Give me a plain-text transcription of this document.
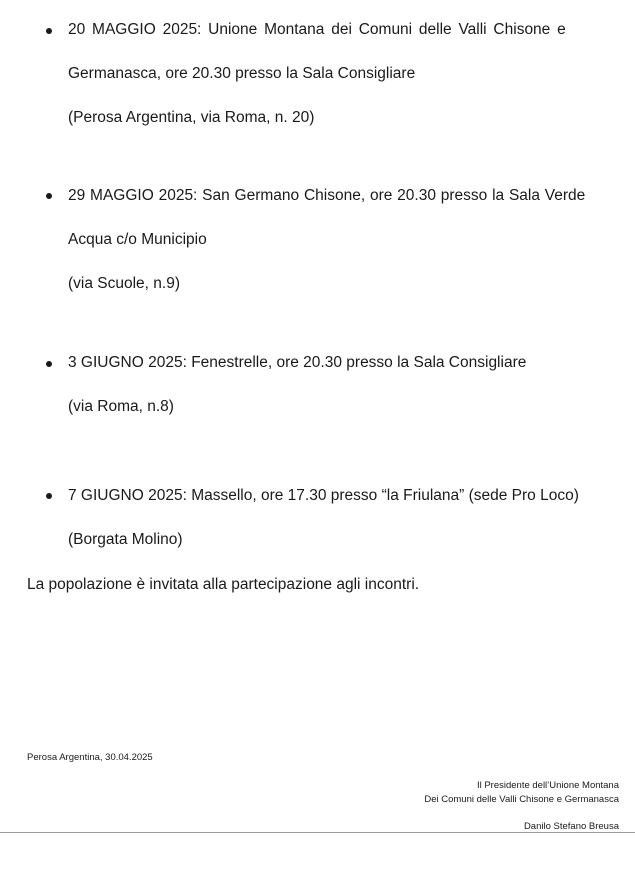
20 MAGGIO 2025: Unione Montana dei Comuni delle Valli Chisone e
Germanasca, ore 20.30 presso la Sala Consigliare
(Perosa Argentina, via Roma, n. 20)
29 MAGGIO 2025: San Germano Chisone, ore 20.30 presso la Sala Verde
Acqua c/o Municipio
(via Scuole, n.9)
3 GIUGNO 2025: Fenestrelle, ore 20.30 presso la Sala Consigliare
(via Roma, n.8)
7 GIUGNO 2025: Massello, ore 17.30 presso “la Friulana” (sede Pro Loco)
(Borgata Molino)
La popolazione è invitata alla partecipazione agli incontri.
Perosa Argentina, 30.04.2025
Il Presidente dell’Unione Montana
Dei Comuni delle Valli Chisone e Germanasca
Danilo Stefano Breusa
